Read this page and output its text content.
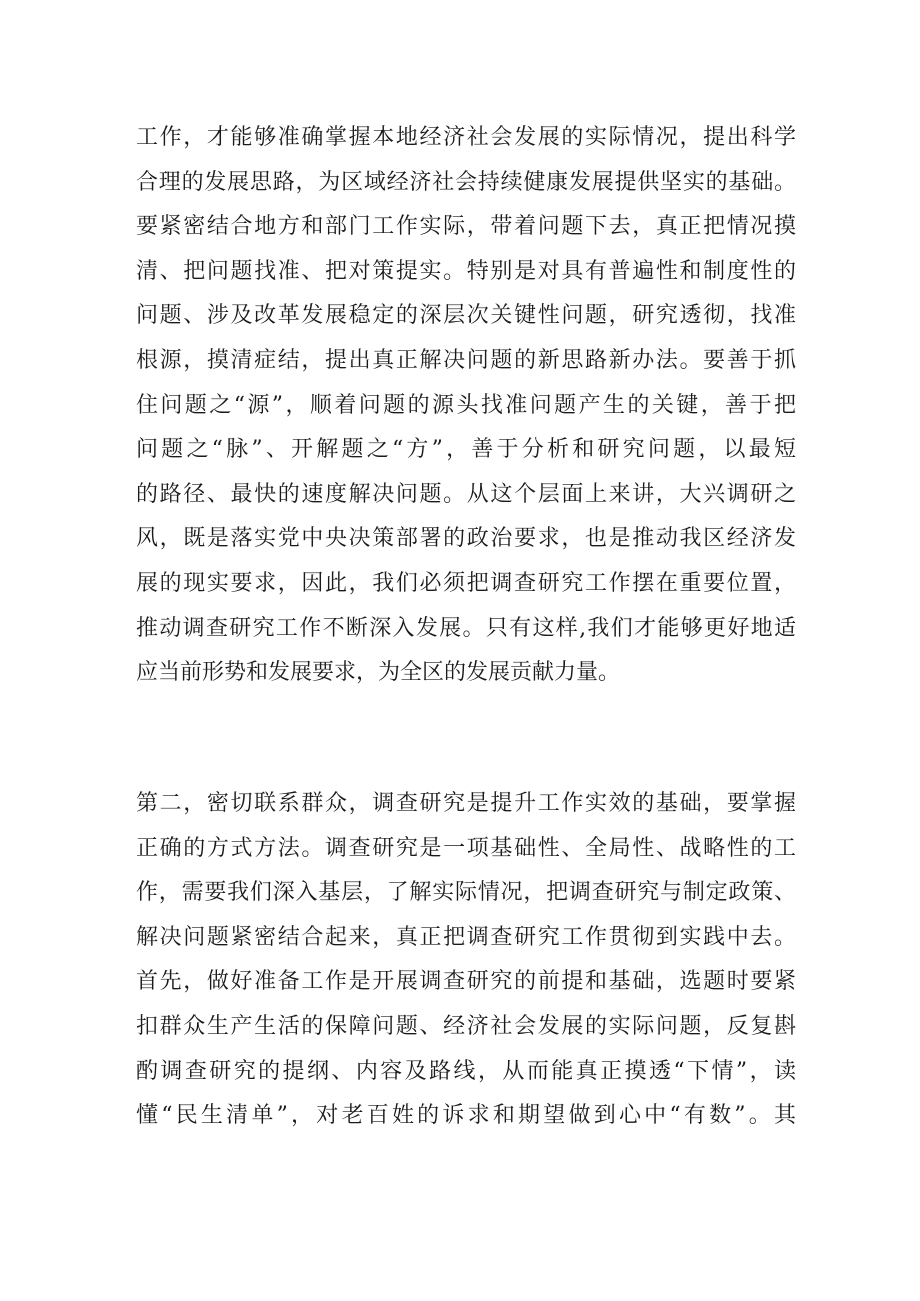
工作，才能够准确掌握本地经济社会发展的实际情况，提出科学
合理的发展思路，为区域经济社会持续健康发展提供坚实的基础。
要紧密结合地方和部门工作实际，带着问题下去，真正把情况摸
清、把问题找准、把对策提实。特别是对具有普遍性和制度性的
问题、涉及改革发展稳定的深层次关键性问题，研究透彻，找准
根源，摸清症结，提出真正解决问题的新思路新办法。要善于抓
住问题之“源”，顺着问题的源头找准问题产生的关键，善于把
问题之“脉”、开解题之“方”，善于分析和研究问题，以最短
的路径、最快的速度解决问题。从这个层面上来讲，大兴调研之
风，既是落实党中央决策部署的政治要求，也是推动我区经济发
展的现实要求，因此，我们必须把调查研究工作摆在重要位置，
推动调查研究工作不断深入发展。只有这样,我们才能够更好地适
应当前形势和发展要求，为全区的发展贡献力量。
第二，密切联系群众，调查研究是提升工作实效的基础，要掌握
正确的方式方法。调查研究是一项基础性、全局性、战略性的工
作，需要我们深入基层，了解实际情况，把调查研究与制定政策、
解决问题紧密结合起来，真正把调查研究工作贯彻到实践中去。
首先，做好准备工作是开展调查研究的前提和基础，选题时要紧
扣群众生产生活的保障问题、经济社会发展的实际问题，反复斟
酌调查研究的提纲、内容及路线，从而能真正摸透“下情”，读
懂“民生清单”，对老百姓的诉求和期望做到心中“有数”。其
